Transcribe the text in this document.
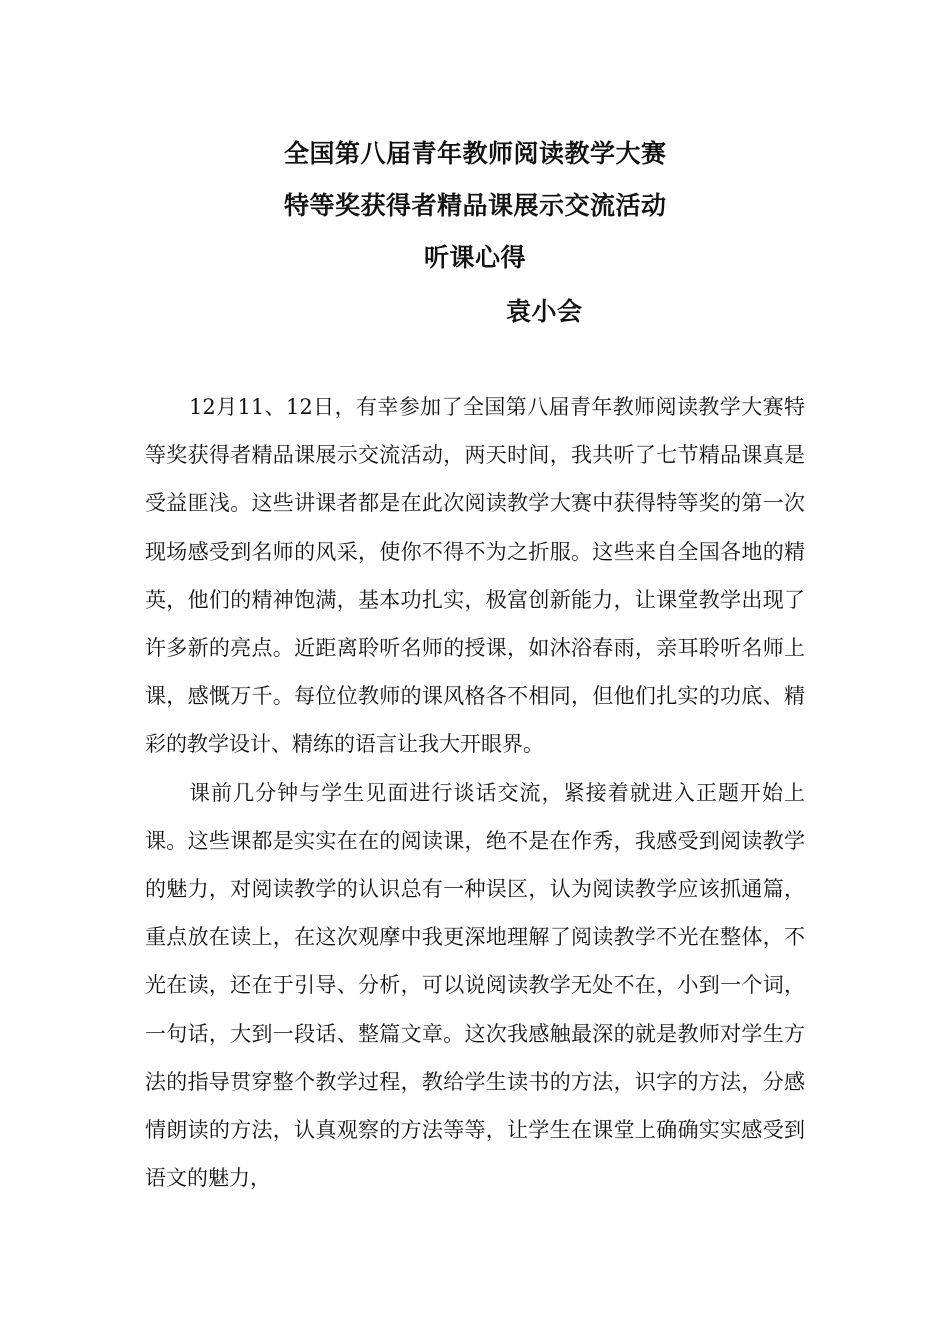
全国第八届青年教师阅读教学大赛
特等奖获得者精品课展示交流活动
听课心得
袁小会

12月11、12日，有幸参加了全国第八届青年教师阅读教学大赛特等奖获得者精品课展示交流活动，两天时间，我共听了七节精品课真是受益匪浅。这些讲课者都是在此次阅读教学大赛中获得特等奖的第一次现场感受到名师的风采，使你不得不为之折服。这些来自全国各地的精英，他们的精神饱满，基本功扎实，极富创新能力，让课堂教学出现了许多新的亮点。近距离聆听名师的授课，如沐浴春雨，亲耳聆听名师上课，感慨万千。每位位教师的课风格各不相同，但他们扎实的功底、精彩的教学设计、精练的语言让我大开眼界。

课前几分钟与学生见面进行谈话交流，紧接着就进入正题开始上课。这些课都是实实在在的阅读课，绝不是在作秀，我感受到阅读教学的魅力，对阅读教学的认识总有一种误区，认为阅读教学应该抓通篇，重点放在读上，在这次观摩中我更深地理解了阅读教学不光在整体，不光在读，还在于引导、分析，可以说阅读教学无处不在，小到一个词，一句话，大到一段话、整篇文章。这次我感触最深的就是教师对学生方法的指导贯穿整个教学过程，教给学生读书的方法，识字的方法，分感情朗读的方法，认真观察的方法等等，让学生在课堂上确确实实感受到语文的魅力，
